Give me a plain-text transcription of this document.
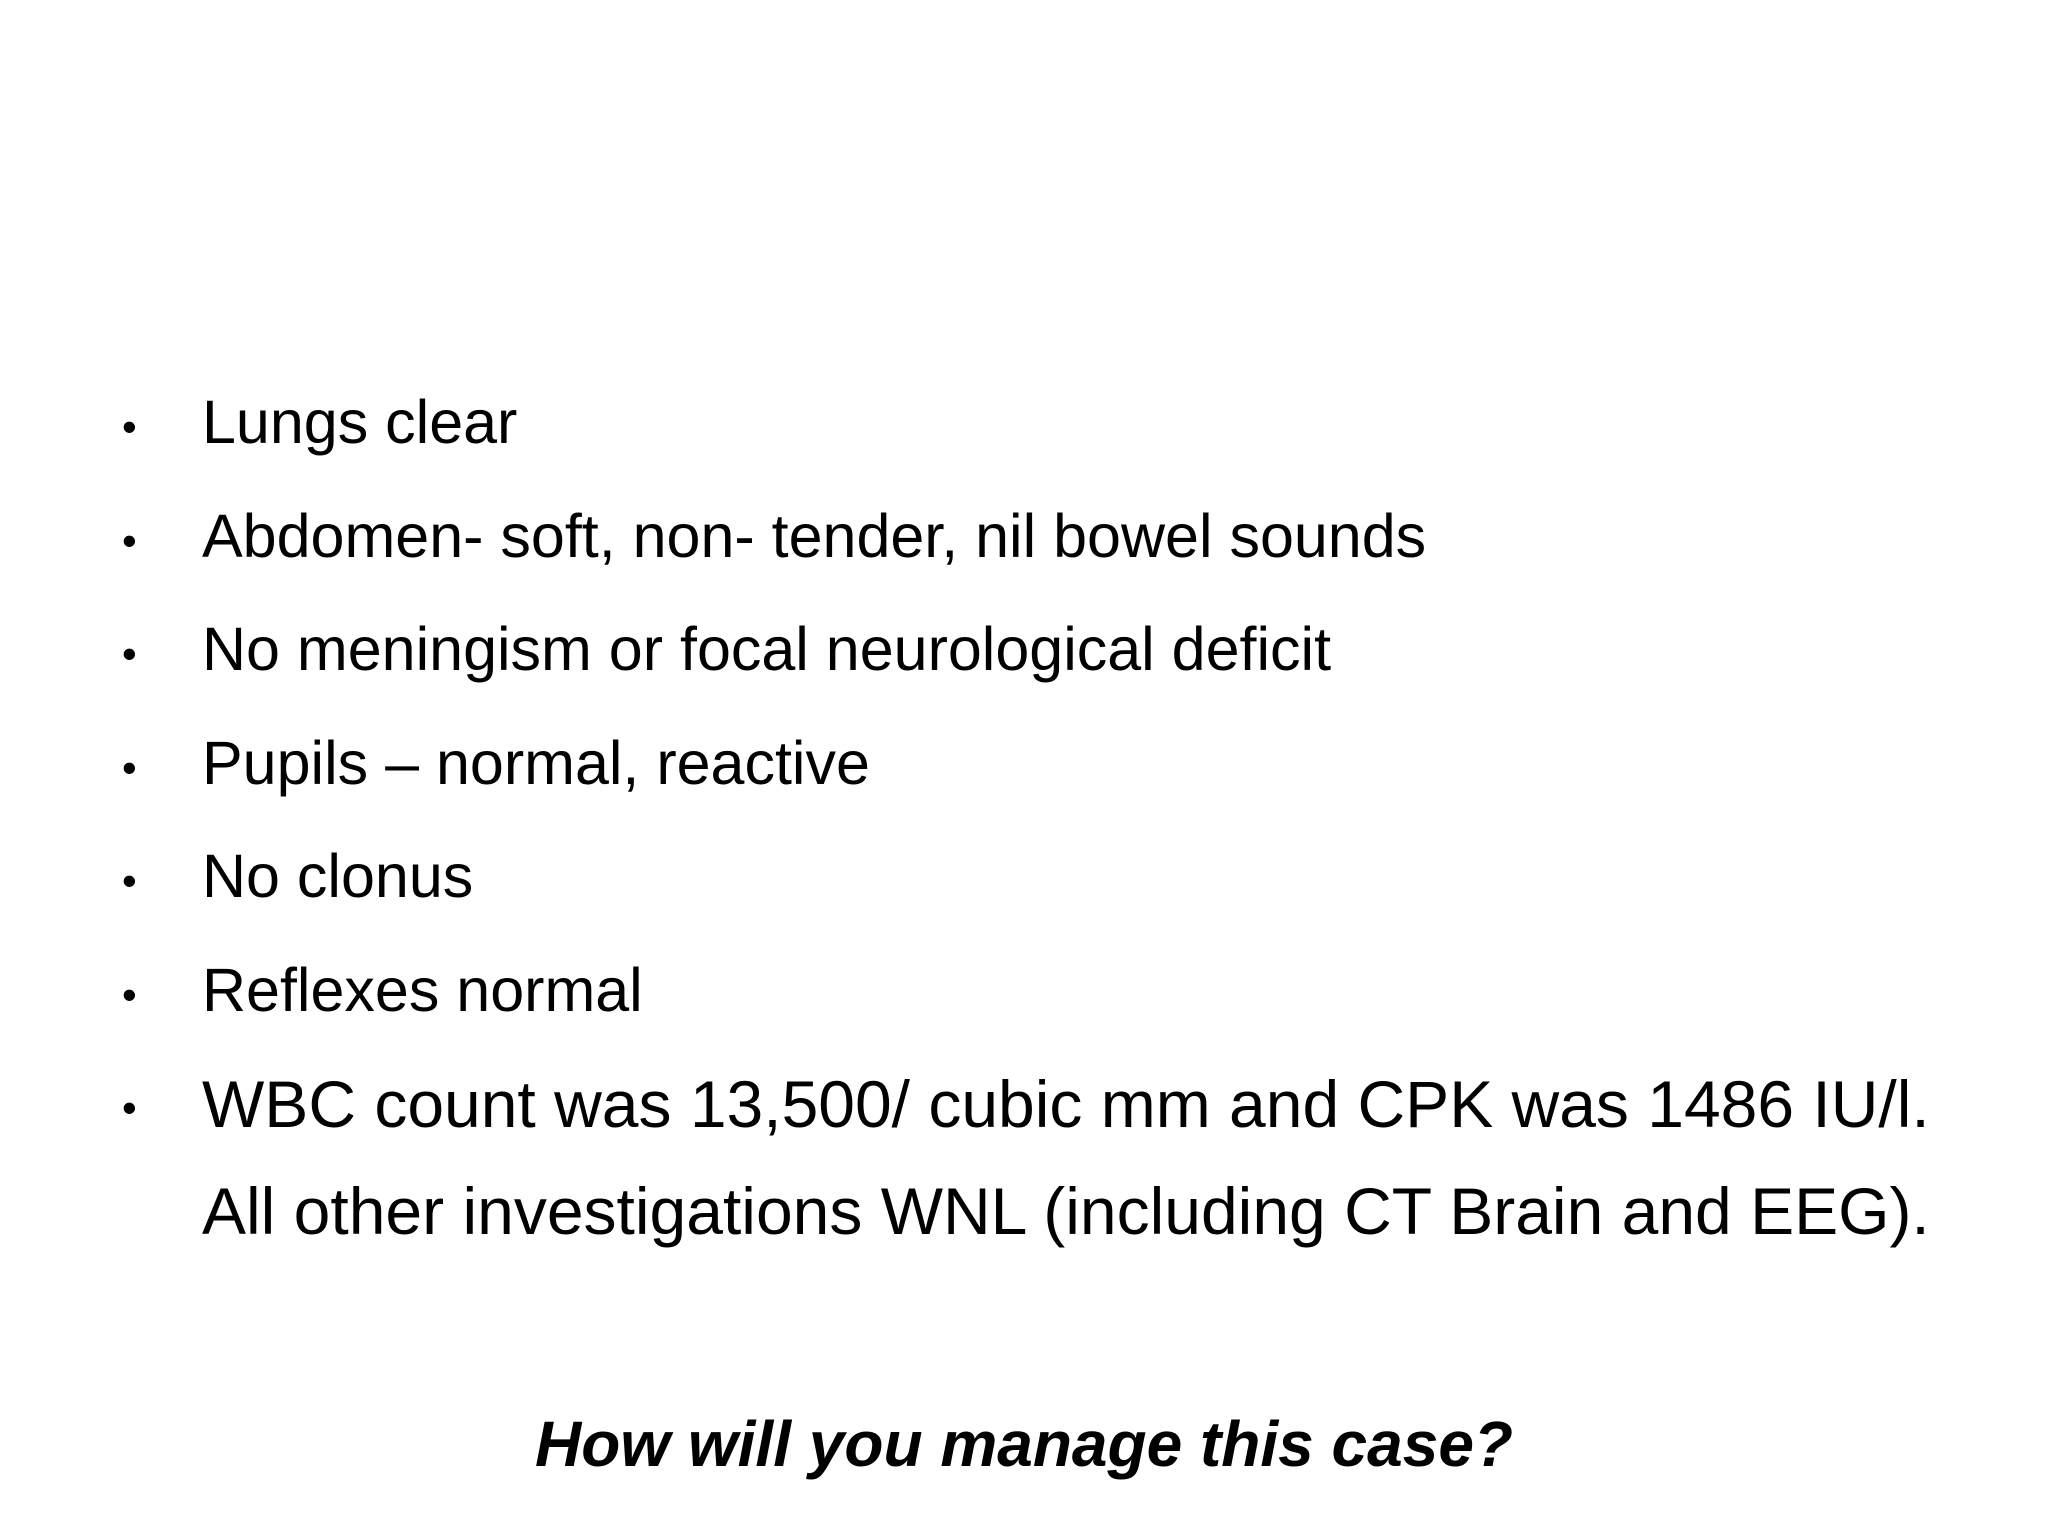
• Lungs clear
• Abdomen- soft, non- tender, nil bowel sounds
• No meningism or focal neurological deficit
• Pupils – normal, reactive
• No clonus
• Reflexes normal
• WBC count was 13,500/ cubic mm and CPK was 1486 IU/l.
All other investigations WNL (including CT Brain and EEG).
How will you manage this case?
